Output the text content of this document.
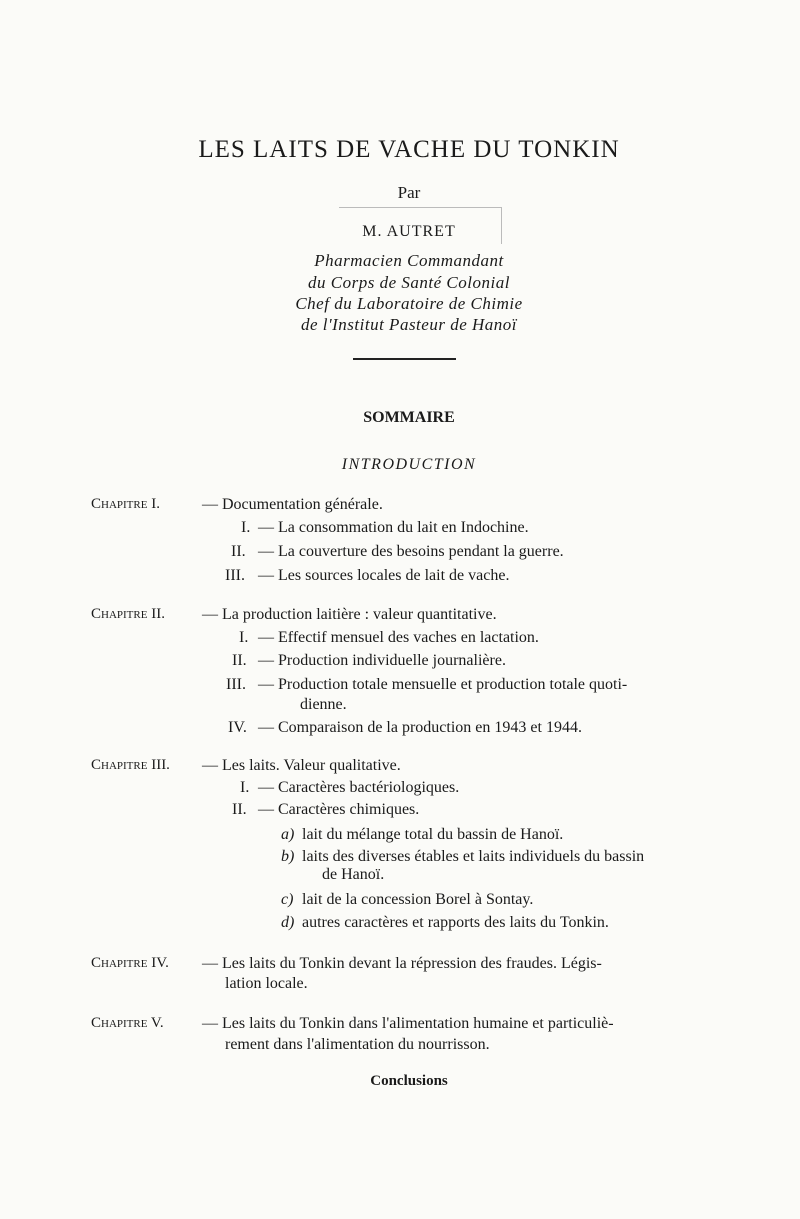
LES LAITS DE VACHE DU TONKIN
Par
M. AUTRET
Pharmacien Commandant
du Corps de Santé Colonial
Chef du Laboratoire de Chimie
de l'Institut Pasteur de Hanoï
SOMMAIRE
INTRODUCTION
Chapitre I.	— Documentation générale.
I. — La consommation du lait en Indochine.
II. — La couverture des besoins pendant la guerre.
III. — Les sources locales de lait de vache.
Chapitre II. — La production laitière : valeur quantitative.
I. — Effectif mensuel des vaches en lactation.
II. — Production individuelle journalière.
III. — Production totale mensuelle et production totale quoti-
dienne.
IV. — Comparaison de la production en 1943 et 1944.
Chapitre III. — Les laits. Valeur qualitative.
I. — Caractères bactériologiques.
II. — Caractères chimiques.
a) lait du mélange total du bassin de Hanoï.
b) laits des diverses étables et laits individuels du bassin
de Hanoï.
c) lait de la concession Borel à Sontay.
d) autres caractères et rapports des laits du Tonkin.
Chapitre IV. — Les laits du Tonkin devant la répression des fraudes. Légis-
lation locale.
Chapitre V. — Les laits du Tonkin dans l'alimentation humaine et particuliè-
rement dans l'alimentation du nourrisson.
Conclusions
